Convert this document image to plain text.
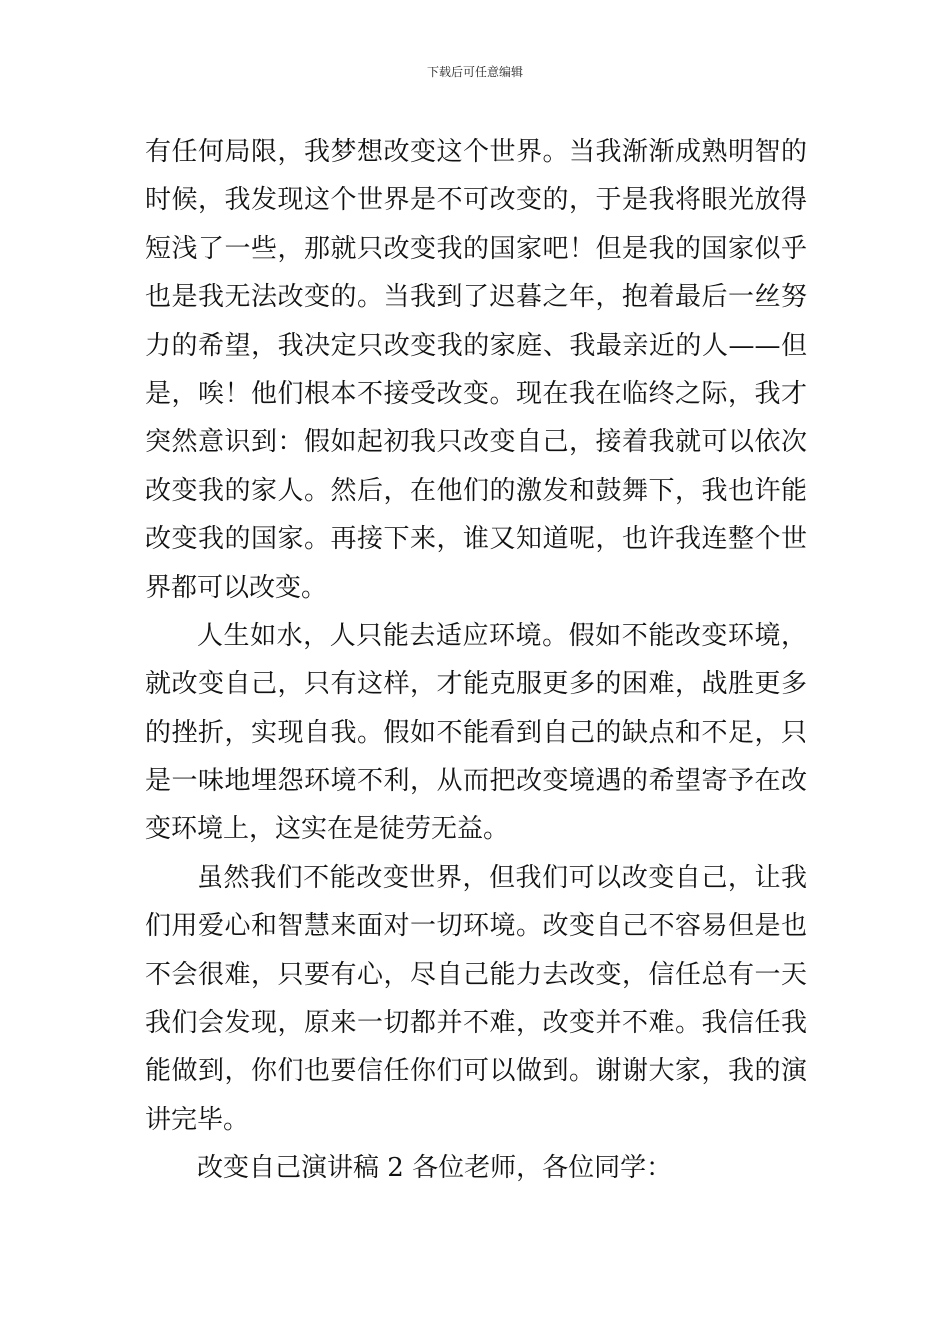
下载后可任意编辑
有任何局限，我梦想改变这个世界。当我渐渐成熟明智的
时候，我发现这个世界是不可改变的，于是我将眼光放得
短浅了一些，那就只改变我的国家吧！但是我的国家似乎
也是我无法改变的。当我到了迟暮之年，抱着最后一丝努
力的希望，我决定只改变我的家庭、我最亲近的人——但
是，唉！他们根本不接受改变。现在我在临终之际，我才
突然意识到：假如起初我只改变自己，接着我就可以依次
改变我的家人。然后，在他们的激发和鼓舞下，我也许能
改变我的国家。再接下来，谁又知道呢，也许我连整个世
界都可以改变。
人生如水，人只能去适应环境。假如不能改变环境，
就改变自己，只有这样，才能克服更多的困难，战胜更多
的挫折，实现自我。假如不能看到自己的缺点和不足，只
是一味地埋怨环境不利，从而把改变境遇的希望寄予在改
变环境上，这实在是徒劳无益。
虽然我们不能改变世界，但我们可以改变自己，让我
们用爱心和智慧来面对一切环境。改变自己不容易但是也
不会很难，只要有心，尽自己能力去改变，信任总有一天
我们会发现，原来一切都并不难，改变并不难。我信任我
能做到，你们也要信任你们可以做到。谢谢大家，我的演
讲完毕。
改变自己演讲稿 2 各位老师，各位同学：
